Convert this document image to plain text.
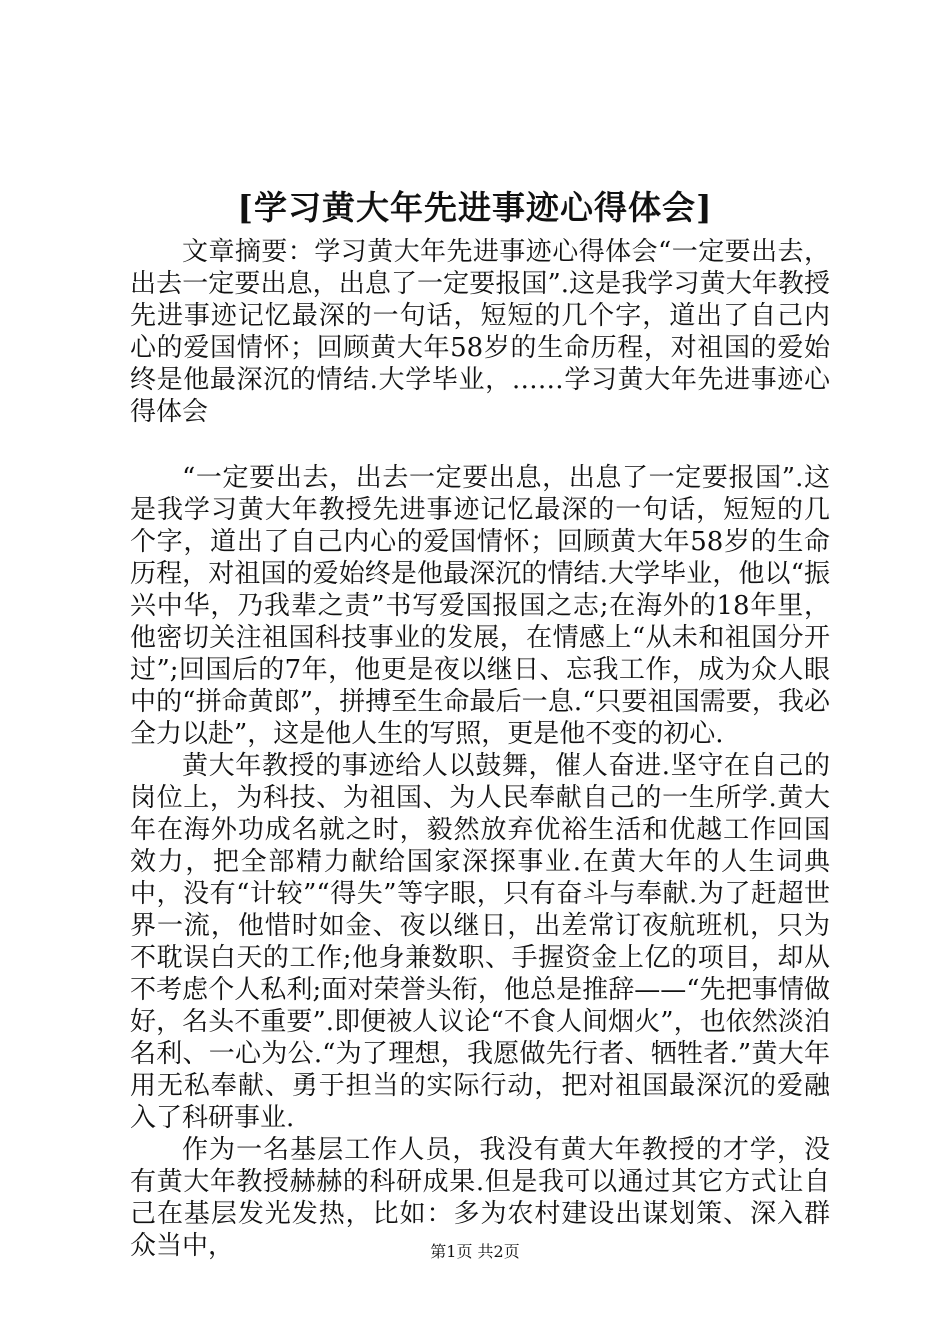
[学习黄大年先进事迹心得体会]

文章摘要：学习黄大年先进事迹心得体会“一定要出去，出去一定要出息，出息了一定要报国”.这是我学习黄大年教授先进事迹记忆最深的一句话，短短的几个字，道出了自己内心的爱国情怀；回顾黄大年58岁的生命历程，对祖国的爱始终是他最深沉的情结.大学毕业，……学习黄大年先进事迹心得体会

“一定要出去，出去一定要出息，出息了一定要报国”.这是我学习黄大年教授先进事迹记忆最深的一句话，短短的几个字，道出了自己内心的爱国情怀；回顾黄大年58岁的生命历程，对祖国的爱始终是他最深沉的情结.大学毕业，他以“振兴中华，乃我辈之责”书写爱国报国之志;在海外的18年里，他密切关注祖国科技事业的发展，在情感上“从未和祖国分开过”;回国后的7年，他更是夜以继日、忘我工作，成为众人眼中的“拼命黄郎”，拼搏至生命最后一息.“只要祖国需要，我必全力以赴”，这是他人生的写照，更是他不变的初心.

黄大年教授的事迹给人以鼓舞，催人奋进.坚守在自己的岗位上，为科技、为祖国、为人民奉献自己的一生所学.黄大年在海外功成名就之时，毅然放弃优裕生活和优越工作回国效力，把全部精力献给国家深探事业.在黄大年的人生词典中，没有“计较”“得失”等字眼，只有奋斗与奉献.为了赶超世界一流，他惜时如金、夜以继日，出差常订夜航班机，只为不耽误白天的工作;他身兼数职、手握资金上亿的项目，却从不考虑个人私利;面对荣誉头衔，他总是推辞——“先把事情做好，名头不重要”.即便被人议论“不食人间烟火”，也依然淡泊名利、一心为公.“为了理想，我愿做先行者、牺牲者.”黄大年用无私奉献、勇于担当的实际行动，把对祖国最深沉的爱融入了科研事业.

作为一名基层工作人员，我没有黄大年教授的才学，没有黄大年教授赫赫的科研成果.但是我可以通过其它方式让自己在基层发光发热，比如：多为农村建设出谋划策、深入群众当中，	第1页 共2页
